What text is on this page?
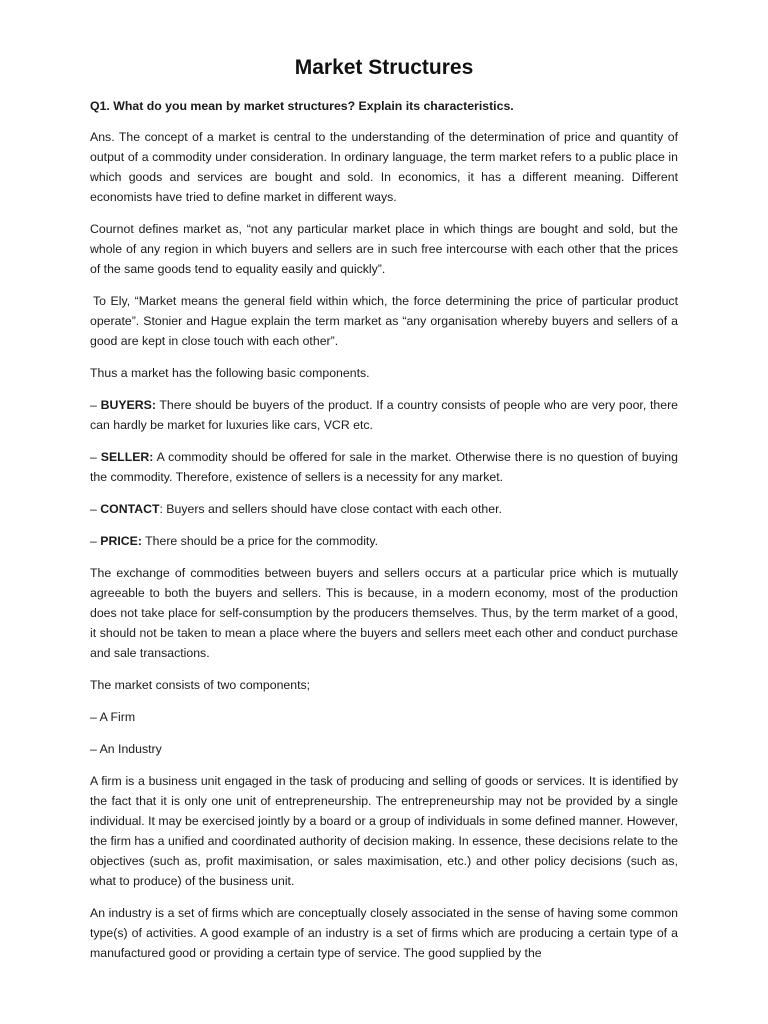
Market Structures
Q1. What do you mean by market structures? Explain its characteristics.

Ans. The concept of a market is central to the understanding of the determination of price and quantity of output of a commodity under consideration. In ordinary language, the term market refers to a public place in which goods and services are bought and sold. In economics, it has a different meaning. Different economists have tried to define market in different ways.

Cournot defines market as, “not any particular market place in which things are bought and sold, but the whole of any region in which buyers and sellers are in such free intercourse with each other that the prices of the same goods tend to equality easily and quickly”.

To Ely, “Market means the general field within which, the force determining the price of particular product operate”. Stonier and Hague explain the term market as “any organisation whereby buyers and sellers of a good are kept in close touch with each other”.

Thus a market has the following basic components.

– BUYERS: There should be buyers of the product. If a country consists of people who are very poor, there can hardly be market for luxuries like cars, VCR etc.

– SELLER: A commodity should be offered for sale in the market. Otherwise there is no question of buying the commodity. Therefore, existence of sellers is a necessity for any market.

– CONTACT: Buyers and sellers should have close contact with each other.

– PRICE: There should be a price for the commodity.

The exchange of commodities between buyers and sellers occurs at a particular price which is mutually agreeable to both the buyers and sellers. This is because, in a modern economy, most of the production does not take place for self-consumption by the producers themselves. Thus, by the term market of a good, it should not be taken to mean a place where the buyers and sellers meet each other and conduct purchase and sale transactions.

The market consists of two components;

– A Firm

– An Industry

A firm is a business unit engaged in the task of producing and selling of goods or services. It is identified by the fact that it is only one unit of entrepreneurship. The entrepreneurship may not be provided by a single individual. It may be exercised jointly by a board or a group of individuals in some defined manner. However, the firm has a unified and coordinated authority of decision making. In essence, these decisions relate to the objectives (such as, profit maximisation, or sales maximisation, etc.) and other policy decisions (such as, what to produce) of the business unit.

An industry is a set of firms which are conceptually closely associated in the sense of having some common type(s) of activities. A good example of an industry is a set of firms which are producing a certain type of a manufactured good or providing a certain type of service. The good supplied by the
